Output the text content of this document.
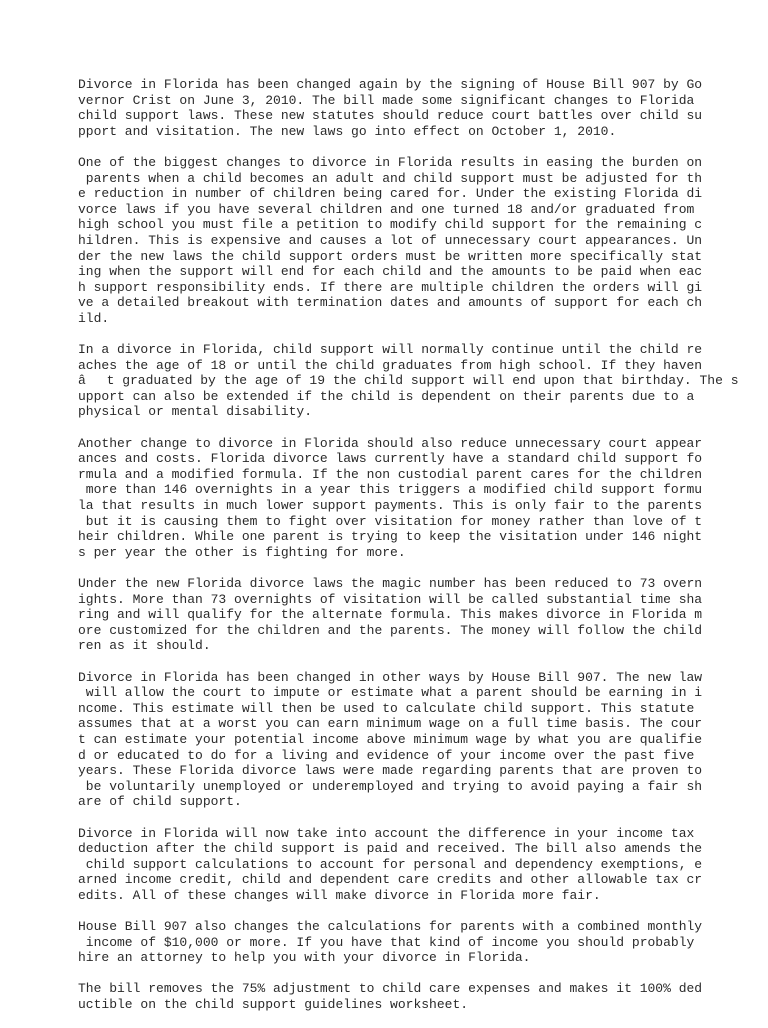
Divorce in Florida has been changed again by the signing of House Bill 907 by Go
vernor Crist on June 3, 2010. The bill made some significant changes to Florida
child support laws. These new statutes should reduce court battles over child su
pport and visitation. The new laws go into effect on October 1, 2010.
One of the biggest changes to divorce in Florida results in easing the burden on
parents when a child becomes an adult and child support must be adjusted for th
e reduction in number of children being cared for. Under the existing Florida di
vorce laws if you have several children and one turned 18 and/or graduated from
high school you must file a petition to modify child support for the remaining c
hildren. This is expensive and causes a lot of unnecessary court appearances. Un
der the new laws the child support orders must be written more specifically stat
ing when the support will end for each child and the amounts to be paid when eac
h support responsibility ends. If there are multiple children the orders will gi
ve a detailed breakout with termination dates and amounts of support for each ch
ild.
In a divorce in Florida, child support will normally continue until the child re
aches the age of 18 or until the child graduates from high school. If they haven
ât graduated by the age of 19 the child support will end upon that birthday. The s
upport can also be extended if the child is dependent on their parents due to a
physical or mental disability.
Another change to divorce in Florida should also reduce unnecessary court appear
ances and costs. Florida divorce laws currently have a standard child support fo
rmula and a modified formula. If the non custodial parent cares for the children
more than 146 overnights in a year this triggers a modified child support formu
la that results in much lower support payments. This is only fair to the parents
but it is causing them to fight over visitation for money rather than love of t
heir children. While one parent is trying to keep the visitation under 146 night
s per year the other is fighting for more.
Under the new Florida divorce laws the magic number has been reduced to 73 overn
ights. More than 73 overnights of visitation will be called substantial time sha
ring and will qualify for the alternate formula. This makes divorce in Florida m
ore customized for the children and the parents. The money will follow the child
ren as it should.
Divorce in Florida has been changed in other ways by House Bill 907. The new law
will allow the court to impute or estimate what a parent should be earning in i
ncome. This estimate will then be used to calculate child support. This statute
assumes that at a worst you can earn minimum wage on a full time basis. The cour
t can estimate your potential income above minimum wage by what you are qualifie
d or educated to do for a living and evidence of your income over the past five
years. These Florida divorce laws were made regarding parents that are proven to
be voluntarily unemployed or underemployed and trying to avoid paying a fair sh
are of child support.
Divorce in Florida will now take into account the difference in your income tax
deduction after the child support is paid and received. The bill also amends the
child support calculations to account for personal and dependency exemptions, e
arned income credit, child and dependent care credits and other allowable tax cr
edits. All of these changes will make divorce in Florida more fair.
House Bill 907 also changes the calculations for parents with a combined monthly
income of $10,000 or more. If you have that kind of income you should probably
hire an attorney to help you with your divorce in Florida.
The bill removes the 75% adjustment to child care expenses and makes it 100% ded
uctible on the child support guidelines worksheet.
